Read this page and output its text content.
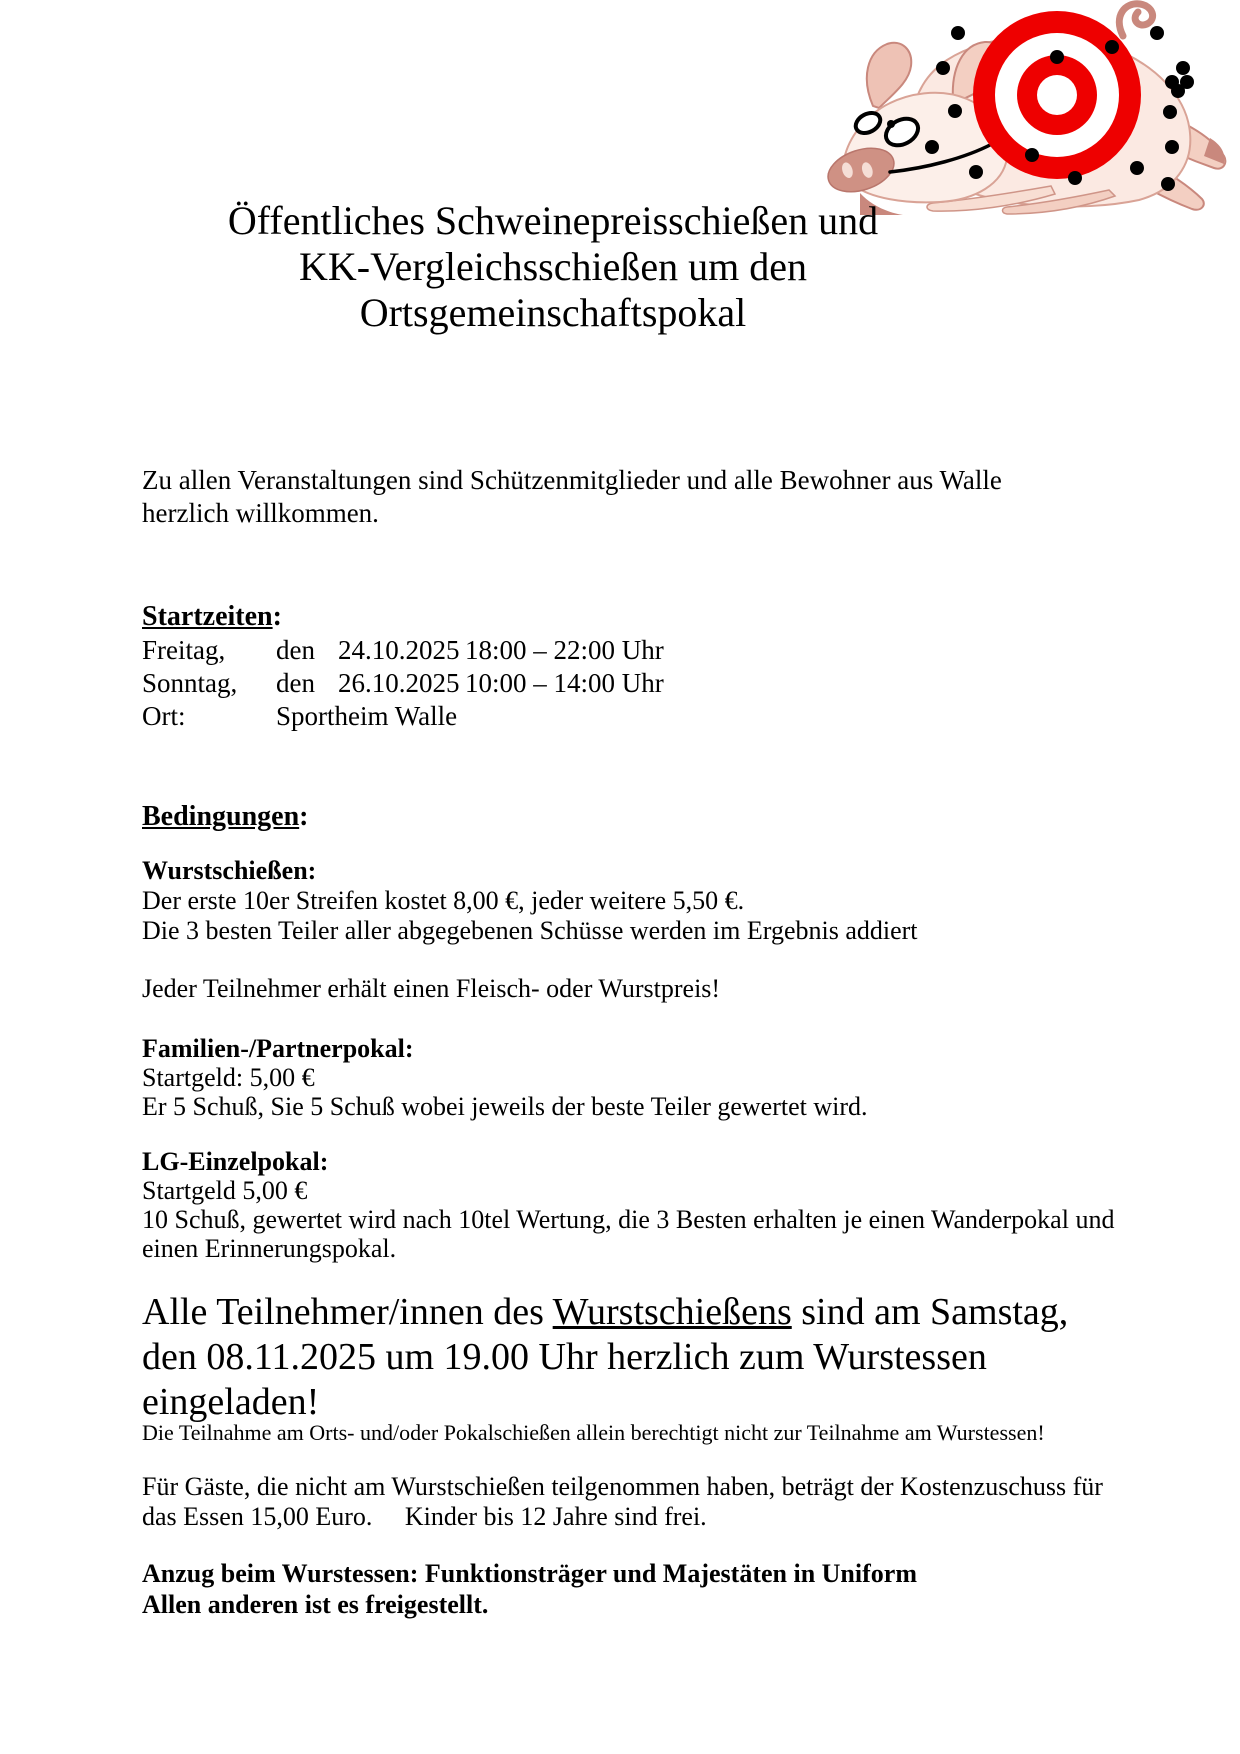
Öffentliches Schweinepreisschießen und
KK-Vergleichsschießen um den
Ortsgemeinschaftspokal
Zu allen Veranstaltungen sind Schützenmitglieder und alle Bewohner aus Walle
herzlich willkommen.
Startzeiten:
Freitag,	den 24.10.2025 18:00 – 22:00 Uhr
Sonntag,	den 26.10.2025 10:00 – 14:00 Uhr
Ort:	Sportheim Walle
Bedingungen:
Wurstschießen:
Der erste 10er Streifen kostet 8,00 €, jeder weitere 5,50 €.
Die 3 besten Teiler aller abgegebenen Schüsse werden im Ergebnis addiert
Jeder Teilnehmer erhält einen Fleisch- oder Wurstpreis!
Familien-/Partnerpokal:
Startgeld: 5,00 €
Er 5 Schuß, Sie 5 Schuß wobei jeweils der beste Teiler gewertet wird.
LG-Einzelpokal:
Startgeld 5,00 €
10 Schuß, gewertet wird nach 10tel Wertung, die 3 Besten erhalten je einen Wanderpokal und
einen Erinnerungspokal.
Alle Teilnehmer/innen des Wurstschießens sind am Samstag,
den 08.11.2025 um 19.00 Uhr herzlich zum Wurstessen
eingeladen!
Die Teilnahme am Orts- und/oder Pokalschießen allein berechtigt nicht zur Teilnahme am Wurstessen!
Für Gäste, die nicht am Wurstschießen teilgenommen haben, beträgt der Kostenzuschuss für
das Essen 15,00 Euro.     Kinder bis 12 Jahre sind frei.
Anzug beim Wurstessen: Funktionsträger und Majestäten in Uniform
Allen anderen ist es freigestellt.
